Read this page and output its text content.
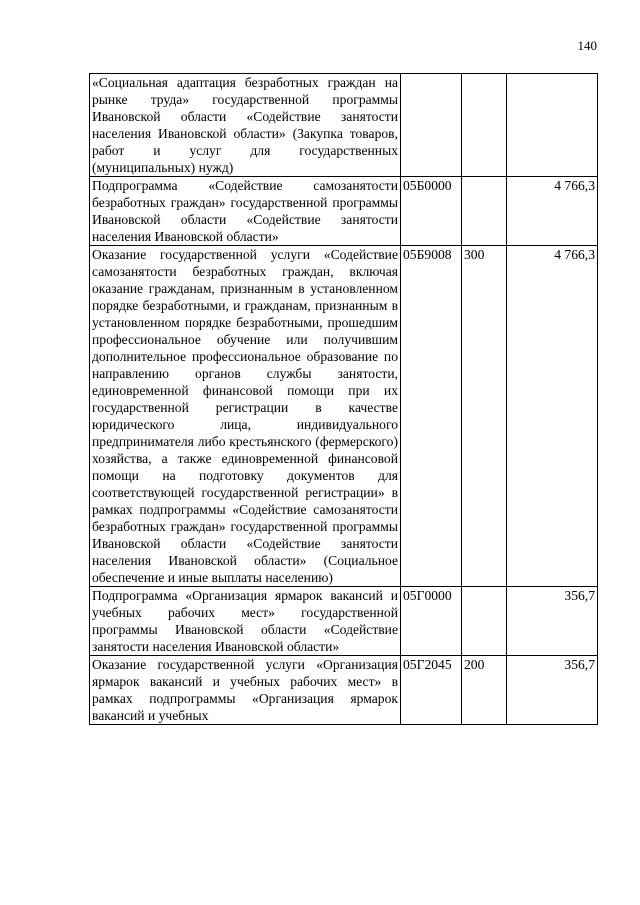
140
«Социальная адаптация безработных граждан на рынке труда» государственной программы Ивановской области «Содействие занятости населения Ивановской области» (Закупка товаров, работ и услуг для государственных (муниципальных) нужд)			
Подпрограмма «Содействие самозанятости безработных граждан» государственной программы Ивановской области «Содействие занятости населения Ивановской области»	05Б0000		4 766,3
Оказание государственной услуги «Содействие самозанятости безработных граждан, включая оказание гражданам, признанным в установленном порядке безработными, и гражданам, признанным в установленном порядке безработными, прошедшим профессиональное обучение или получившим дополнительное профессиональное образование по направлению органов службы занятости, единовременной финансовой помощи при их государственной регистрации в качестве юридического лица, индивидуального предпринимателя либо крестьянского (фермерского) хозяйства, а также единовременной финансовой помощи на подготовку документов для соответствующей государственной регистрации» в рамках подпрограммы «Содействие самозанятости безработных граждан» государственной программы Ивановской области «Содействие занятости населения Ивановской области» (Социальное обеспечение и иные выплаты населению)	05Б9008	300	4 766,3
Подпрограмма «Организация ярмарок вакансий и учебных рабочих мест» государственной программы Ивановской области «Содействие занятости населения Ивановской области»	05Г0000		356,7
Оказание государственной услуги «Организация ярмарок вакансий и учебных рабочих мест» в рамках подпрограммы «Организация ярмарок вакансий и учебных	05Г2045	200	356,7
